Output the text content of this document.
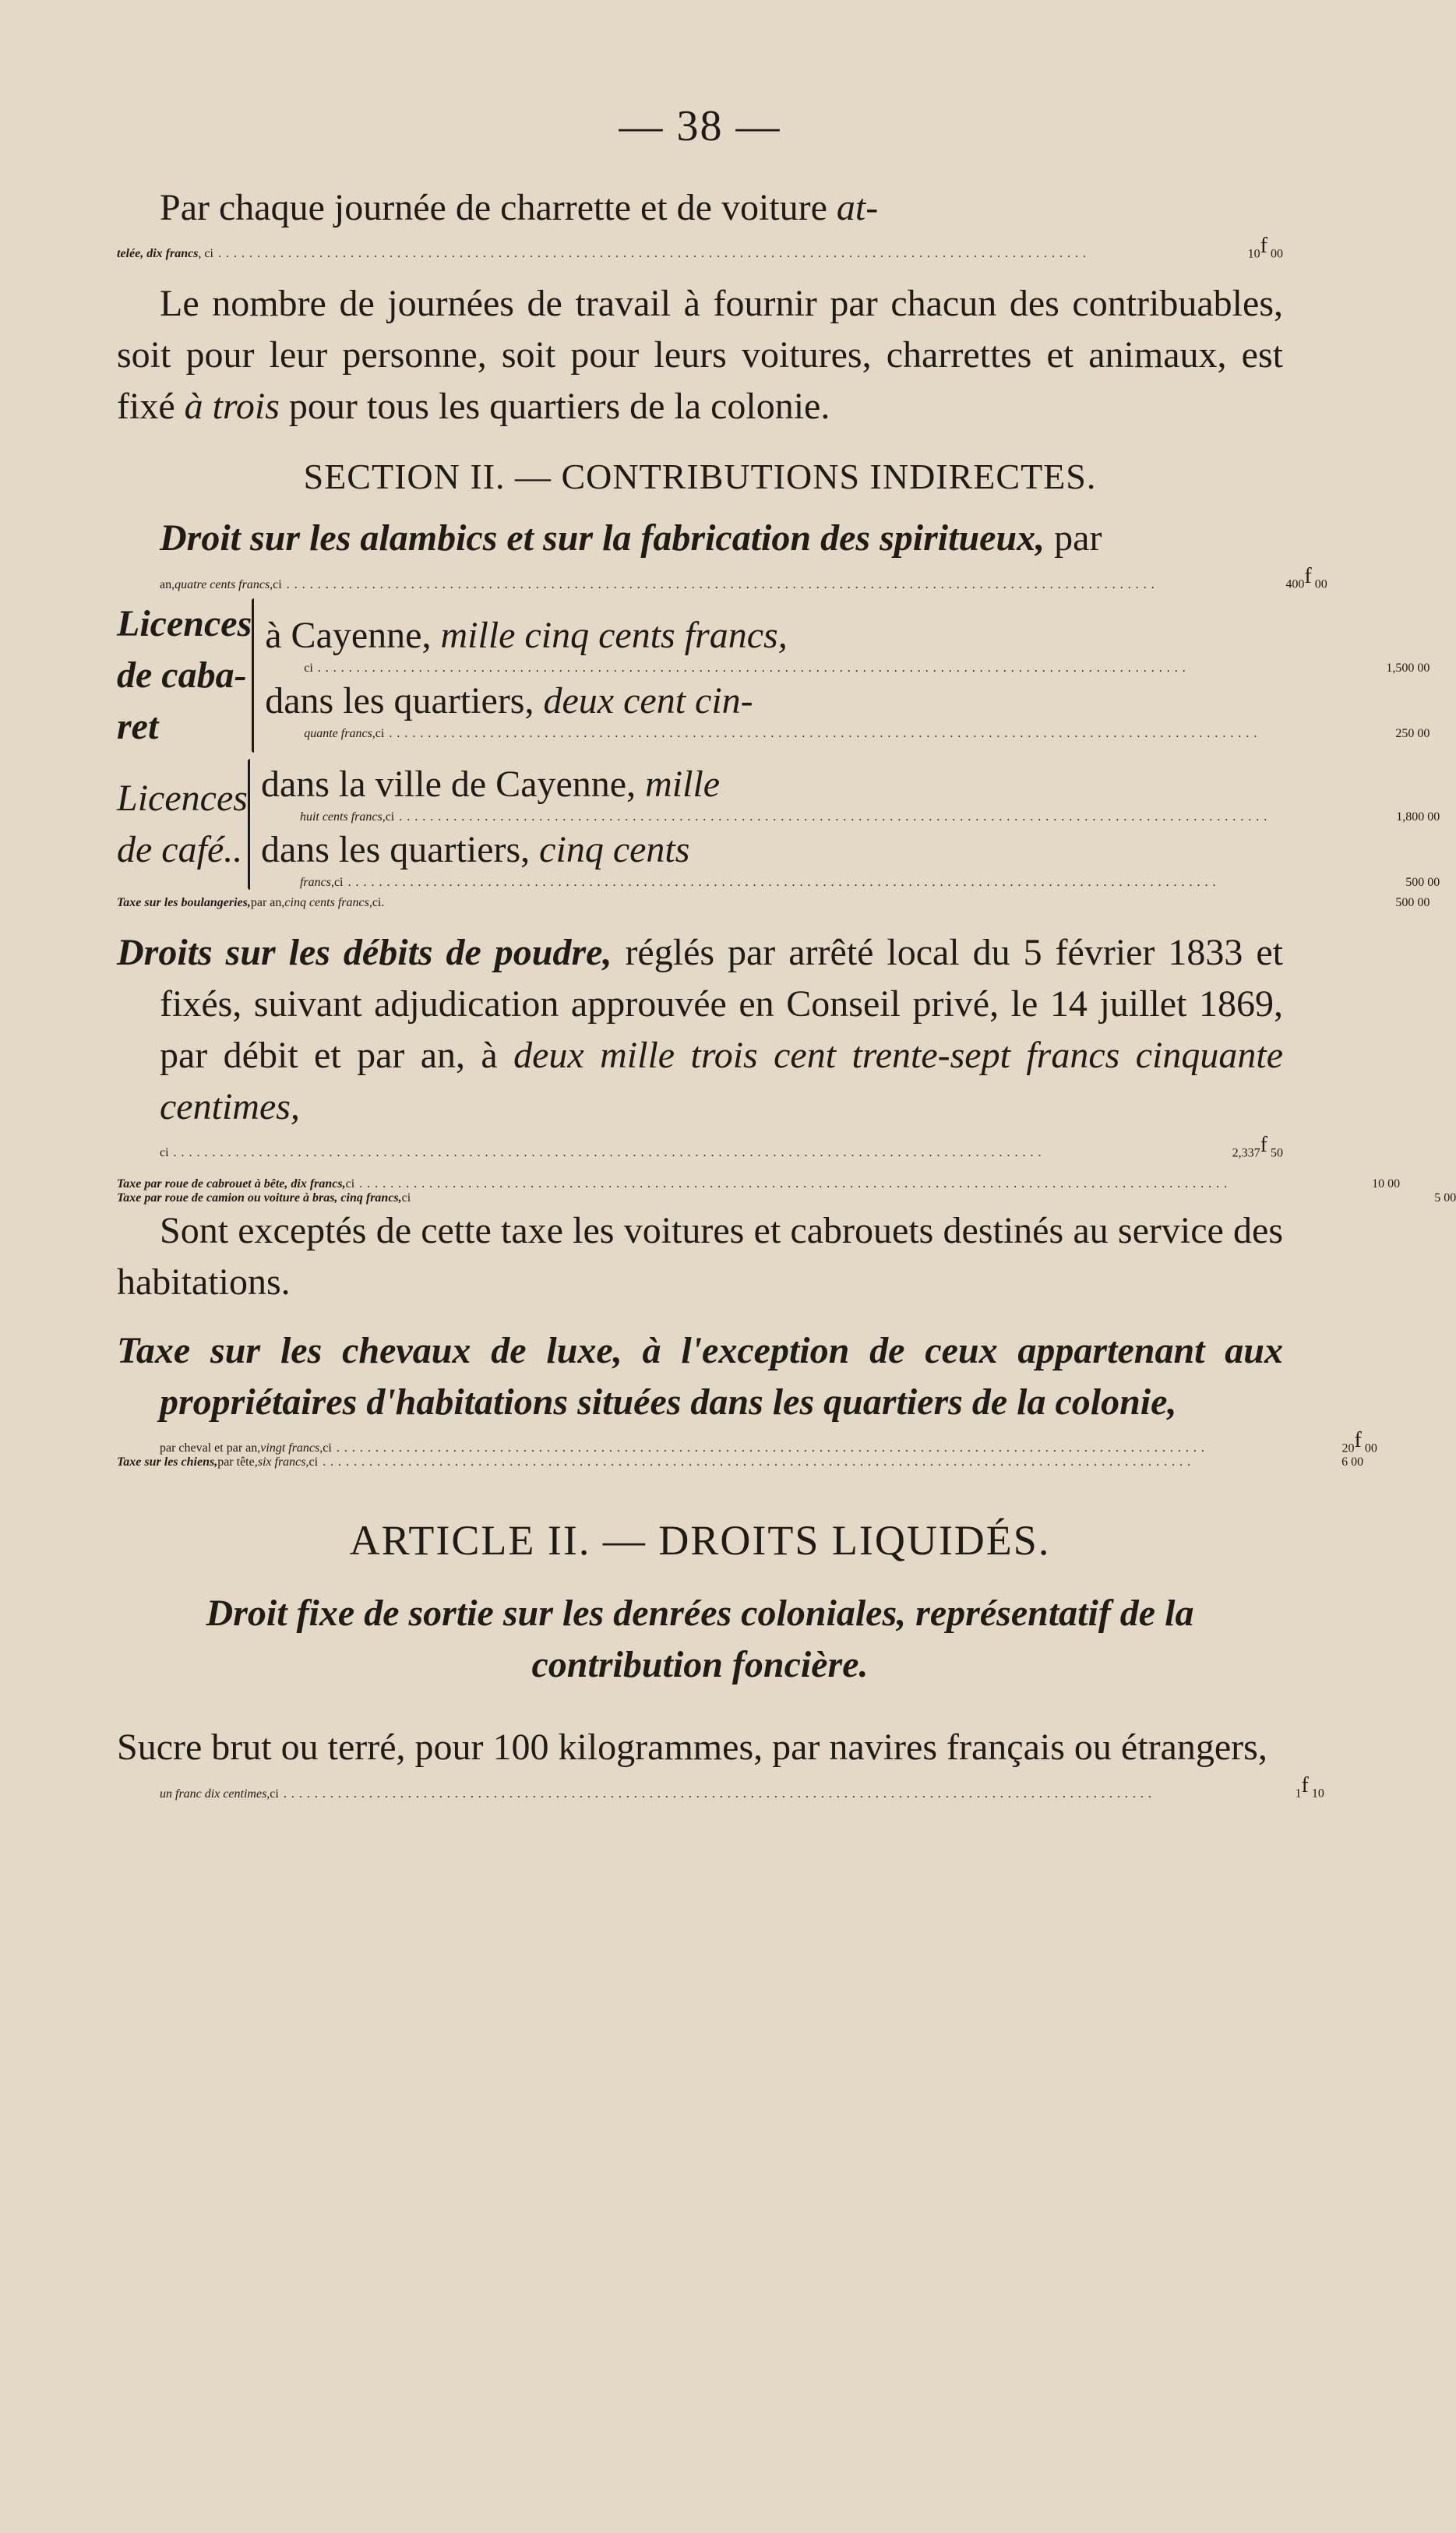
— 38 —

Par chaque journée de charrette et de voiture at-

telée, dix francs , ci .....	10$^f$ 00

Le nombre de journées de travail à fournir par chacun des contribuables, soit pour leur personne, soit pour leurs voitures, charrettes et animaux, est fixé à trois pour tous les quartiers de la colonie.

SECTION II. — CONTRIBUTIONS INDIRECTES.

Droit sur les alambics et sur la fabrication des spiritueux, par

an, quatre cents francs, ci .....	400$^f$ 00
Licences de caba-ret

à Cayenne, mille cinq cents francs,

ci .....	1,500 00

dans les quartiers, deux cent cin-

quante francs, ci .....	250 00
Licences de café..

dans la ville de Cayenne, mille

huit cents francs, ci .....	1,800 00

dans les quartiers, cinq cents

francs, ci .....	500 00
Taxe sur les boulangeries, par an, cinq cents francs, ci.	500 00

Droits sur les débits de poudre, réglés par arrêté local du 5 février 1833 et fixés, suivant adjudication approuvée en Conseil privé, le 14 juillet 1869, par débit et par an, à deux mille trois cent trente-sept francs cinquante centimes,

ci .....	2,337$^f$ 50
Taxe par roue de cabrouet à bête, dix francs, ci .....	10 00
Taxe par roue de camion ou voiture à bras, cinq francs, ci	5 00

Sont exceptés de cette taxe les voitures et cabrouets destinés au service des habitations.

Taxe sur les chevaux de luxe, à l'exception de ceux appartenant aux propriétaires d'habitations situées dans les quartiers de la colonie,

par cheval et par an, vingt francs, ci .....	20$^f$ 00
Taxe sur les chiens, par tête, six francs, ci .....	6 00
ARTICLE II. — DROITS LIQUIDÉS.

Droit fixe de sortie sur les denrées coloniales, représentatif de la contribution foncière.

Sucre brut ou terré, pour 100 kilogrammes, par navires français ou étrangers,

un franc dix centimes, ci .....	1$^f$ 10
